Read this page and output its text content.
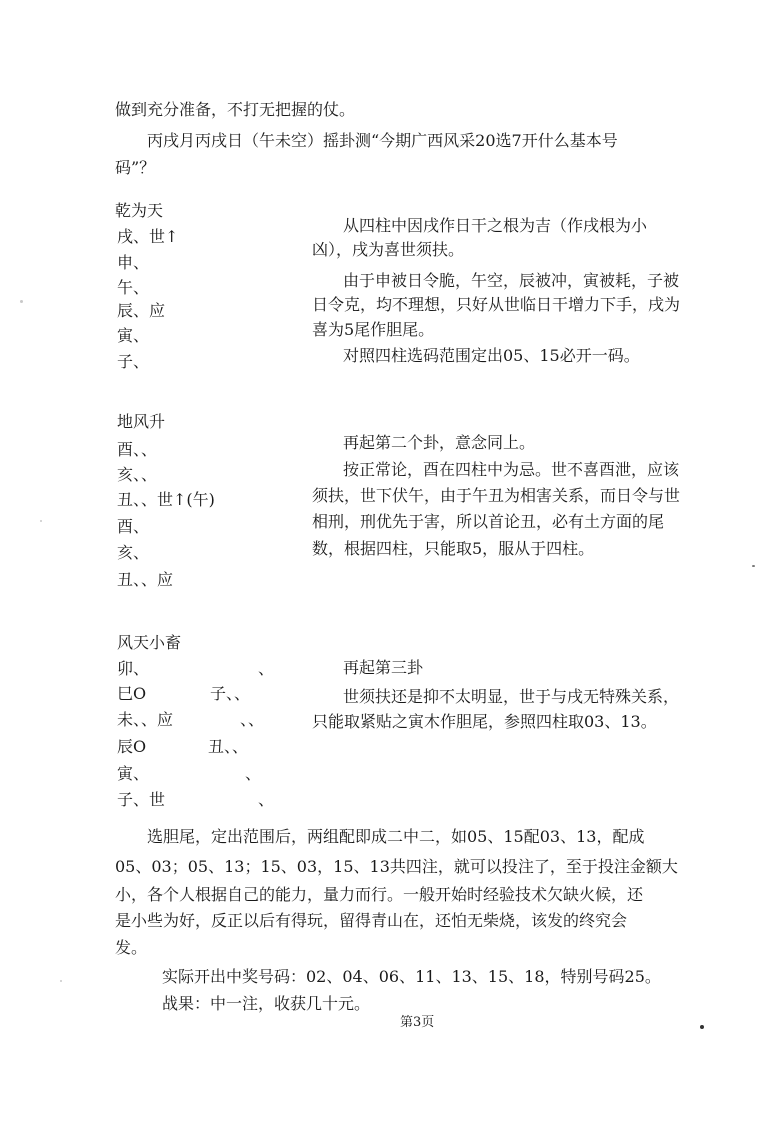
做到充分准备，不打无把握的仗。
丙戌月丙戌日（午未空）摇卦测“今期广西风采20选7开什么基本号
码”？
乾为天
戌、世↑
申、
午、
辰、应
寅、
子、
从四柱中因戌作日干之根为吉（作戌根为小
凶），戌为喜世须扶。
由于申被日令脆，午空，辰被冲，寅被耗，子被
日令克，均不理想，只好从世临日干增力下手，戌为
喜为5尾作胆尾。
对照四柱选码范围定出05、15必开一码。
地风升
酉、、
亥、、
丑、、世↑(午)
酉、
亥、
丑、、应
再起第二个卦，意念同上。
按正常论，酉在四柱中为忌。世不喜酉泄，应该
须扶，世下伏午，由于午丑为相害关系，而日令与世
相刑，刑优先于害，所以首论丑，必有土方面的尾
数，根据四柱，只能取5，服从于四柱。
风天小畜
卯、	、
巳O	子、、
未、、应	、、
辰O	丑、、
寅、	、
子、世	、
再起第三卦
世须扶还是抑不太明显，世于与戌无特殊关系，
只能取紧贴之寅木作胆尾，参照四柱取03、13。
选胆尾，定出范围后，两组配即成二中二，如05、15配03、13，配成
05、03；05、13；15、03，15、13共四注，就可以投注了，至于投注金额大
小，各个人根据自己的能力，量力而行。一般开始时经验技术欠缺火候，还
是小些为好，反正以后有得玩，留得青山在，还怕无柴烧，该发的终究会
发。
实际开出中奖号码：02、04、06、11、13、15、18，特别号码25。
战果：中一注，收获几十元。
第3页
